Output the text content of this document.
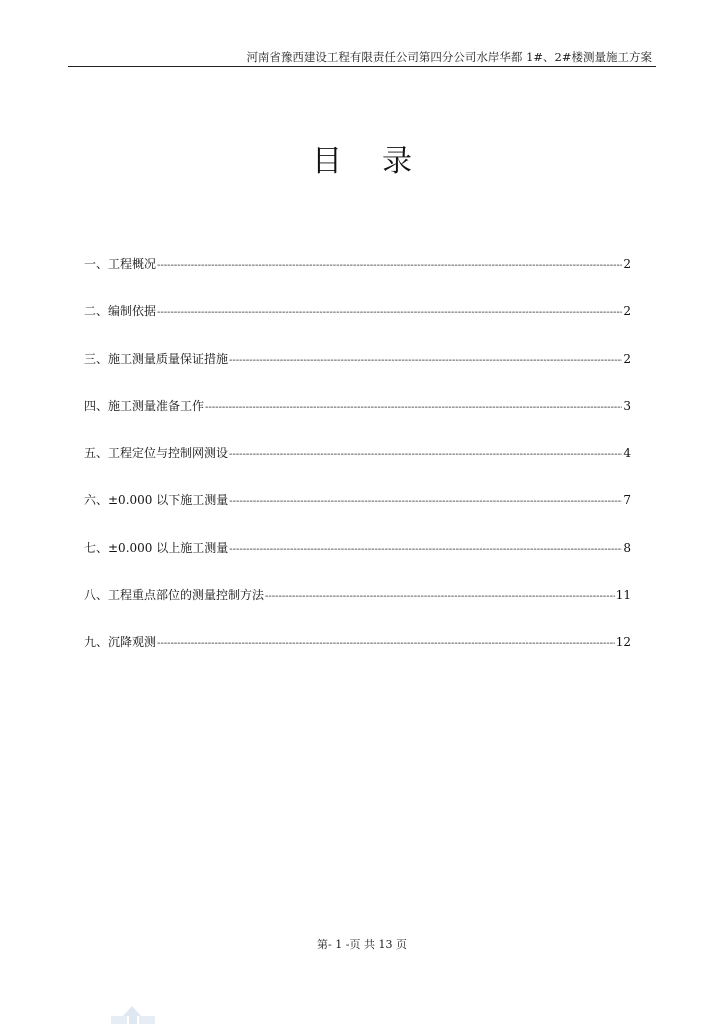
河南省豫西建设工程有限责任公司第四分公司水岸华都 1#、2#楼测量施工方案
目录
一、工程概况 -----	2
二、编制依据 -----	2
三、施工测量质量保证措施 -----	2
四、施工测量准备工作 -----	3
五、工程定位与控制网测设 -----	4
六、±0.000 以下施工测量 -----	7
七、±0.000 以上施工测量 -----	8
八、工程重点部位的测量控制方法 -----	11
九、沉降观测 -----	12
第- 1 -页 共 13 页
